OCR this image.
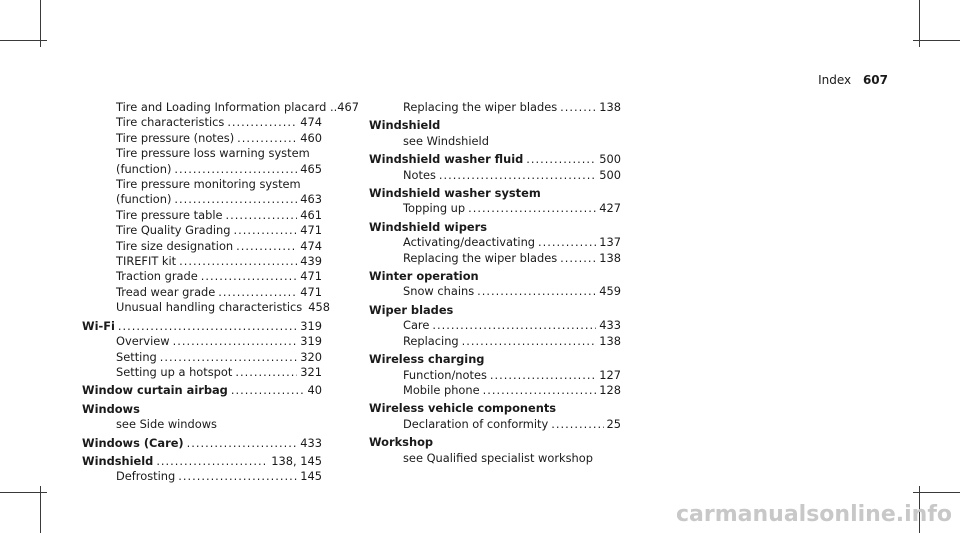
Index 607
Tire and Loading Information placard .. 467
Tire characteristics .....	474
Tire pressure (notes) .....	460
Tire pressure loss warning system
(function) .....	465
Tire pressure monitoring system
(function) .....	463
Tire pressure table .....	461
Tire Quality Grading .....	471
Tire size designation .....	474
TIREFIT kit .....	439
Traction grade .....	471
Tread wear grade .....	471
Unusual handling characteristics 458
Wi-Fi .....	319
Overview .....	319
Setting .....	320
Setting up a hotspot .....	321
Window curtain airbag .....	40
Windows
see Side windows
Windows (Care) .....	433
Windshield .....	138, 145
Defrosting .....	145
Replacing the wiper blades .....	138
Windshield
see Windshield
Windshield washer fluid .....	500
Notes .....	500
Windshield washer system
Topping up .....	427
Windshield wipers
Activating/deactivating .....	137
Replacing the wiper blades .....	138
Winter operation
Snow chains .....	459
Wiper blades
Care .....	433
Replacing .....	138
Wireless charging
Function/notes .....	127
Mobile phone .....	128
Wireless vehicle components
Declaration of conformity .....	25
Workshop
see Qualified specialist workshop
carmanualsonline.info
